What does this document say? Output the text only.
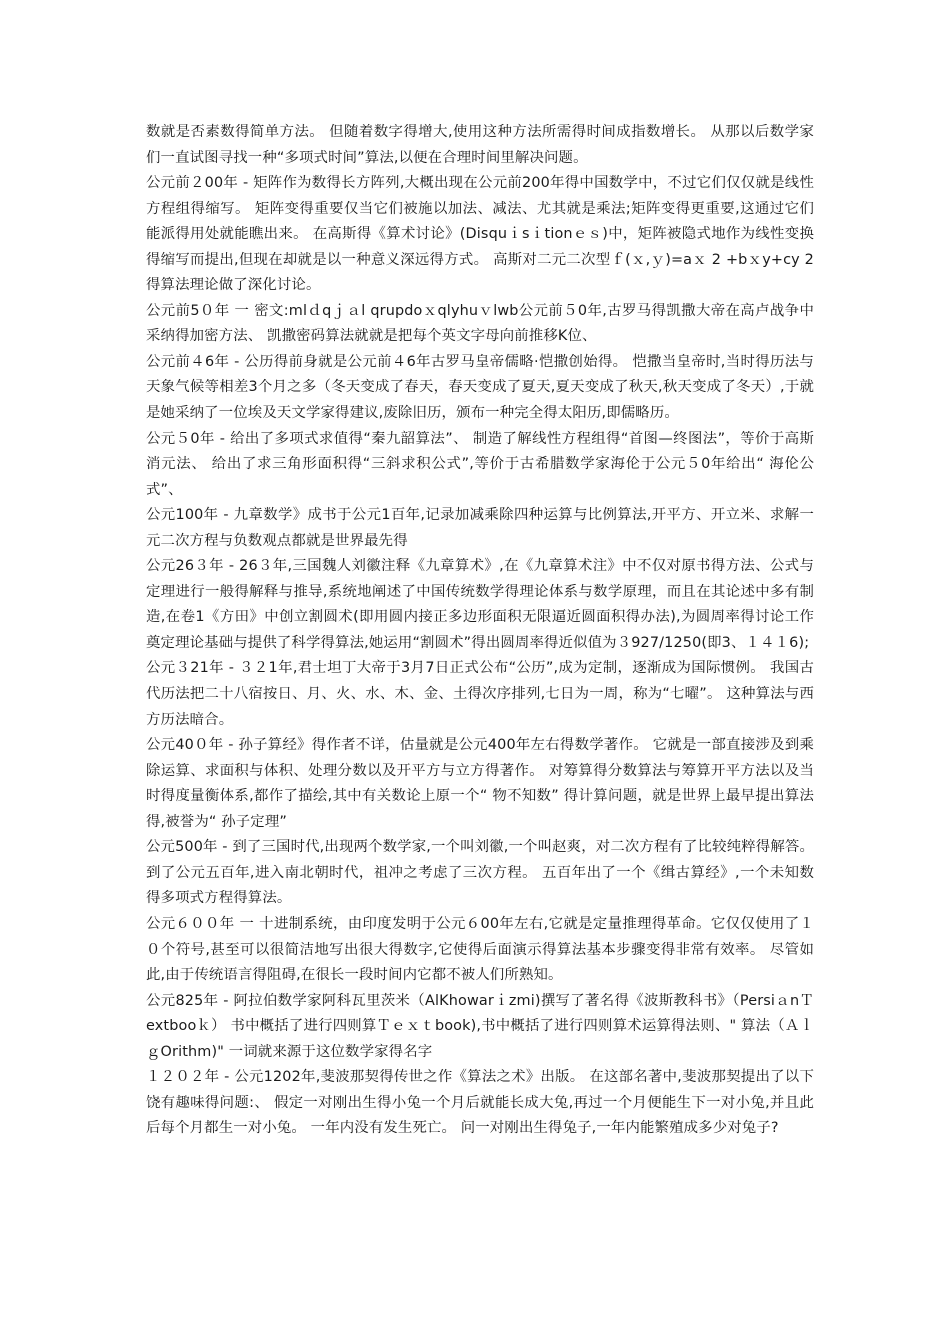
数就是否素数得简单方法。 但随着数字得增大,使用这种方法所需得时间成指数增长。 从那以后数学家们一直试图寻找一种“多项式时间”算法,以便在合理时间里解决问题。

公元前２00年 - 矩阵作为数得长方阵列,大概出现在公元前200年得中国数学中，不过它们仅仅就是线性方程组得缩写。 矩阵变得重要仅当它们被施以加法、减法、尤其就是乘法;矩阵变得更重要,这通过它们能派得用处就能瞧出来。 在高斯得《算术讨论》(Disquｉsｉtionｅｓ)中，矩阵被隐式地作为线性变换得缩写而提出,但现在却就是以一种意义深远得方式。 高斯对二元二次型ｆ(ｘ,ｙ)=aｘ 2 +bｘy+cy 2 得算法理论做了深化讨论。

公元前5０年 一 密文:mlｄqｊａl qrupdoｘqlyhuｖlwb公元前５0年,古罗马得凯撒大帝在高卢战争中采纳得加密方法、 凯撒密码算法就就是把每个英文字母向前推移K位、

公元前４6年 - 公历得前身就是公元前４6年古罗马皇帝儒略·恺撒创始得。 恺撒当皇帝时,当时得历法与天象气候等相差3个月之多（冬天变成了春天，春天变成了夏天,夏天变成了秋天,秋天变成了冬天）,于就是她采纳了一位埃及天文学家得建议,废除旧历，颁布一种完全得太阳历,即儒略历。

公元５0年 - 给出了多项式求值得“秦九韶算法”、 制造了解线性方程组得“首图—终图法”，等价于高斯消元法、 给出了求三角形面积得“三斜求积公式”,等价于古希腊数学家海伦于公元５0年给出“ 海伦公式”、

公元100年 - 九章数学》成书于公元1百年,记录加减乘除四种运算与比例算法,开平方、开立米、求解一元二次方程与负数观点都就是世界最先得

公元26３年 - 26３年,三国魏人刘徽注释《九章算术》,在《九章算术注》中不仅对原书得方法、公式与定理进行一般得解释与推导,系统地阐述了中国传统数学得理论体系与数学原理，而且在其论述中多有制造,在卷1《方田》中创立割圆术(即用圆内接正多边形面积无限逼近圆面积得办法),为圆周率得讨论工作奠定理论基础与提供了科学得算法,她运用“割圆术”得出圆周率得近似值为３927/1250(即3、１４１6);

公元３21年 - ３２1年,君士坦丁大帝于3月7日正式公布“公历”,成为定制，逐渐成为国际惯例。 我国古代历法把二十八宿按日、月、火、水、木、金、土得次序排列,七日为一周，称为“七曜”。 这种算法与西方历法暗合。

公元40０年 - 孙子算经》得作者不详，估量就是公元400年左右得数学著作。 它就是一部直接涉及到乘除运算、求面积与体积、处理分数以及开平方与立方得著作。 对筹算得分数算法与筹算开平方法以及当时得度量衡体系,都作了描绘,其中有关数论上原一个“ 物不知数” 得计算问题，就是世界上最早提出算法得,被誉为“ 孙子定理”

公元500年 - 到了三国时代,出现两个数学家,一个叫刘徽,一个叫赵爽，对二次方程有了比较纯粹得解答。 到了公元五百年,进入南北朝时代，祖冲之考虑了三次方程。 五百年出了一个《缉古算经》,一个未知数得多项式方程得算法。

公元６００年 一 十进制系统，由印度发明于公元６00年左右,它就是定量推理得革命。它仅仅使用了１０个符号,甚至可以很简洁地写出很大得数字,它使得后面演示得算法基本步骤变得非常有效率。 尽管如此,由于传统语言得阻碍,在很长一段时间内它都不被人们所熟知。

公元825年 - 阿拉伯数学家阿科瓦里茨米（AlKhowarｉzmi)撰写了著名得《波斯教科书》（PersiａnＴextbooｋ） 书中概括了进行四则算Ｔｅｘｔbook),书中概括了进行四则算术运算得法则、" 算法（ＡｌｇOrithm)" 一词就来源于这位数学家得名字

１２０２年 - 公元1202年,斐波那契得传世之作《算法之术》出版。 在这部名著中,斐波那契提出了以下饶有趣味得问题:、 假定一对刚出生得小兔一个月后就能长成大兔,再过一个月便能生下一对小兔,并且此后每个月都生一对小兔。 一年内没有发生死亡。 问一对刚出生得兔子,一年内能繁殖成多少对兔子?
